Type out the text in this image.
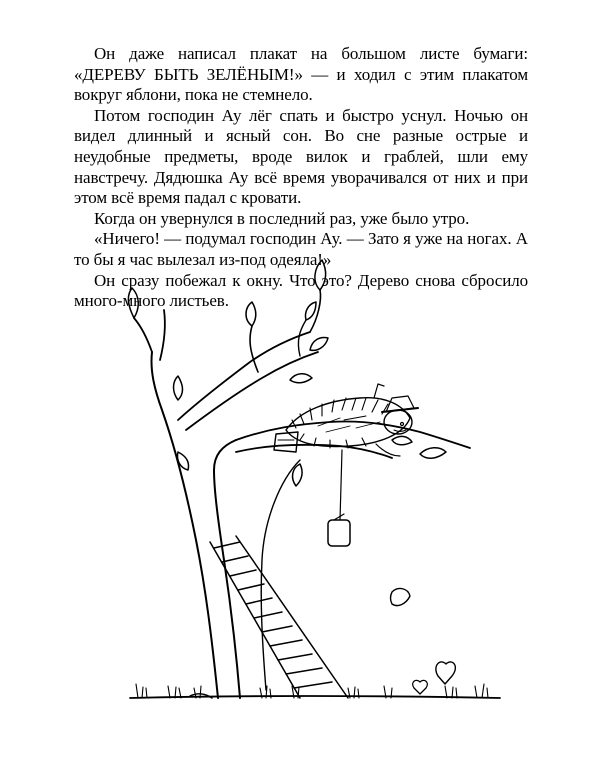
Он даже написал плакат на большом листе бумаги: «ДЕРЕВУ БЫТЬ ЗЕЛЁНЫМ!» — и ходил с этим плакатом вокруг яблони, пока не стемнело.

Потом господин Ау лёг спать и быстро уснул. Ночью он видел длинный и ясный сон. Во сне разные острые и неудобные предметы, вроде вилок и граблей, шли ему навстречу. Дядюшка Ау всё время уворачивался от них и при этом всё время падал с кровати.

Когда он увернулся в последний раз, уже было утро.

«Ничего! — подумал господин Ау. — Зато я уже на ногах. А то бы я час вылезал из-под одеяла!»

Он сразу побежал к окну. Что это? Дерево снова сбросило много-много листьев.
